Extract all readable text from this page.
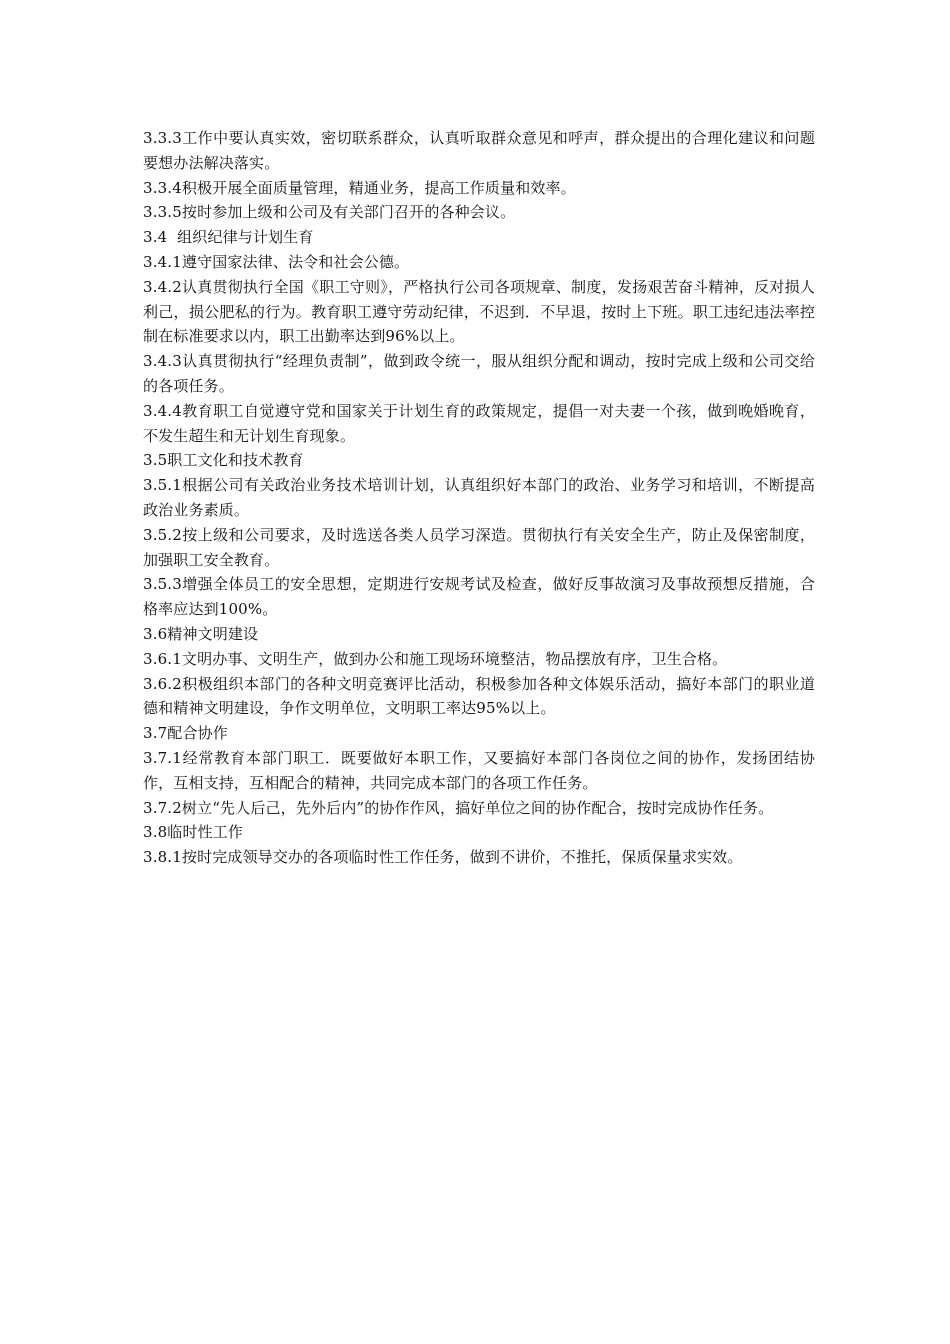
3.3.3工作中要认真实效，密切联系群众，认真听取群众意见和呼声，群众提出的合理化建议和问题要想办法解决落实。

3.3.4积极开展全面质量管理，精通业务，提高工作质量和效率。

3.3.5按时参加上级和公司及有关部门召开的各种会议。

3.4  组织纪律与计划生育

3.4.1遵守国家法律、法令和社会公德。

3.4.2认真贯彻执行全国《职工守则》，严格执行公司各项规章、制度，发扬艰苦奋斗精神，反对损人利己，损公肥私的行为。教育职工遵守劳动纪律，不迟到．不早退，按时上下班。职工违纪违法率控制在标准要求以内，职工出勤率达到96%以上。

3.4.3认真贯彻执行“经理负责制”，做到政令统一，服从组织分配和调动，按时完成上级和公司交给的各项任务。

3.4.4教育职工自觉遵守党和国家关于计划生育的政策规定，提倡一对夫妻一个孩，做到晚婚晚育，不发生超生和无计划生育现象。

3.5职工文化和技术教育

3.5.1根据公司有关政治业务技术培训计划，认真组织好本部门的政治、业务学习和培训，不断提高政治业务素质。

3.5.2按上级和公司要求，及时选送各类人员学习深造。贯彻执行有关安全生产，防止及保密制度，加强职工安全教育。

3.5.3增强全体员工的安全思想，定期进行安规考试及检查，做好反事故演习及事故预想反措施，合格率应达到100%。

3.6精神文明建设

3.6.1文明办事、文明生产，做到办公和施工现场环境整洁，物品摆放有序，卫生合格。

3.6.2积极组织本部门的各种文明竞赛评比活动，积极参加各种文体娱乐活动，搞好本部门的职业道德和精神文明建设，争作文明单位，文明职工率达95%以上。

3.7配合协作

3.7.1经常教育本部门职工．既要做好本职工作，又要搞好本部门各岗位之间的协作，发扬团结协作，互相支持，互相配合的精神，共同完成本部门的各项工作任务。

3.7.2树立“先人后己，先外后内”的协作作风，搞好单位之间的协作配合，按时完成协作任务。

3.8临时性工作

3.8.1按时完成领导交办的各项临时性工作任务，做到不讲价，不推托，保质保量求实效。
